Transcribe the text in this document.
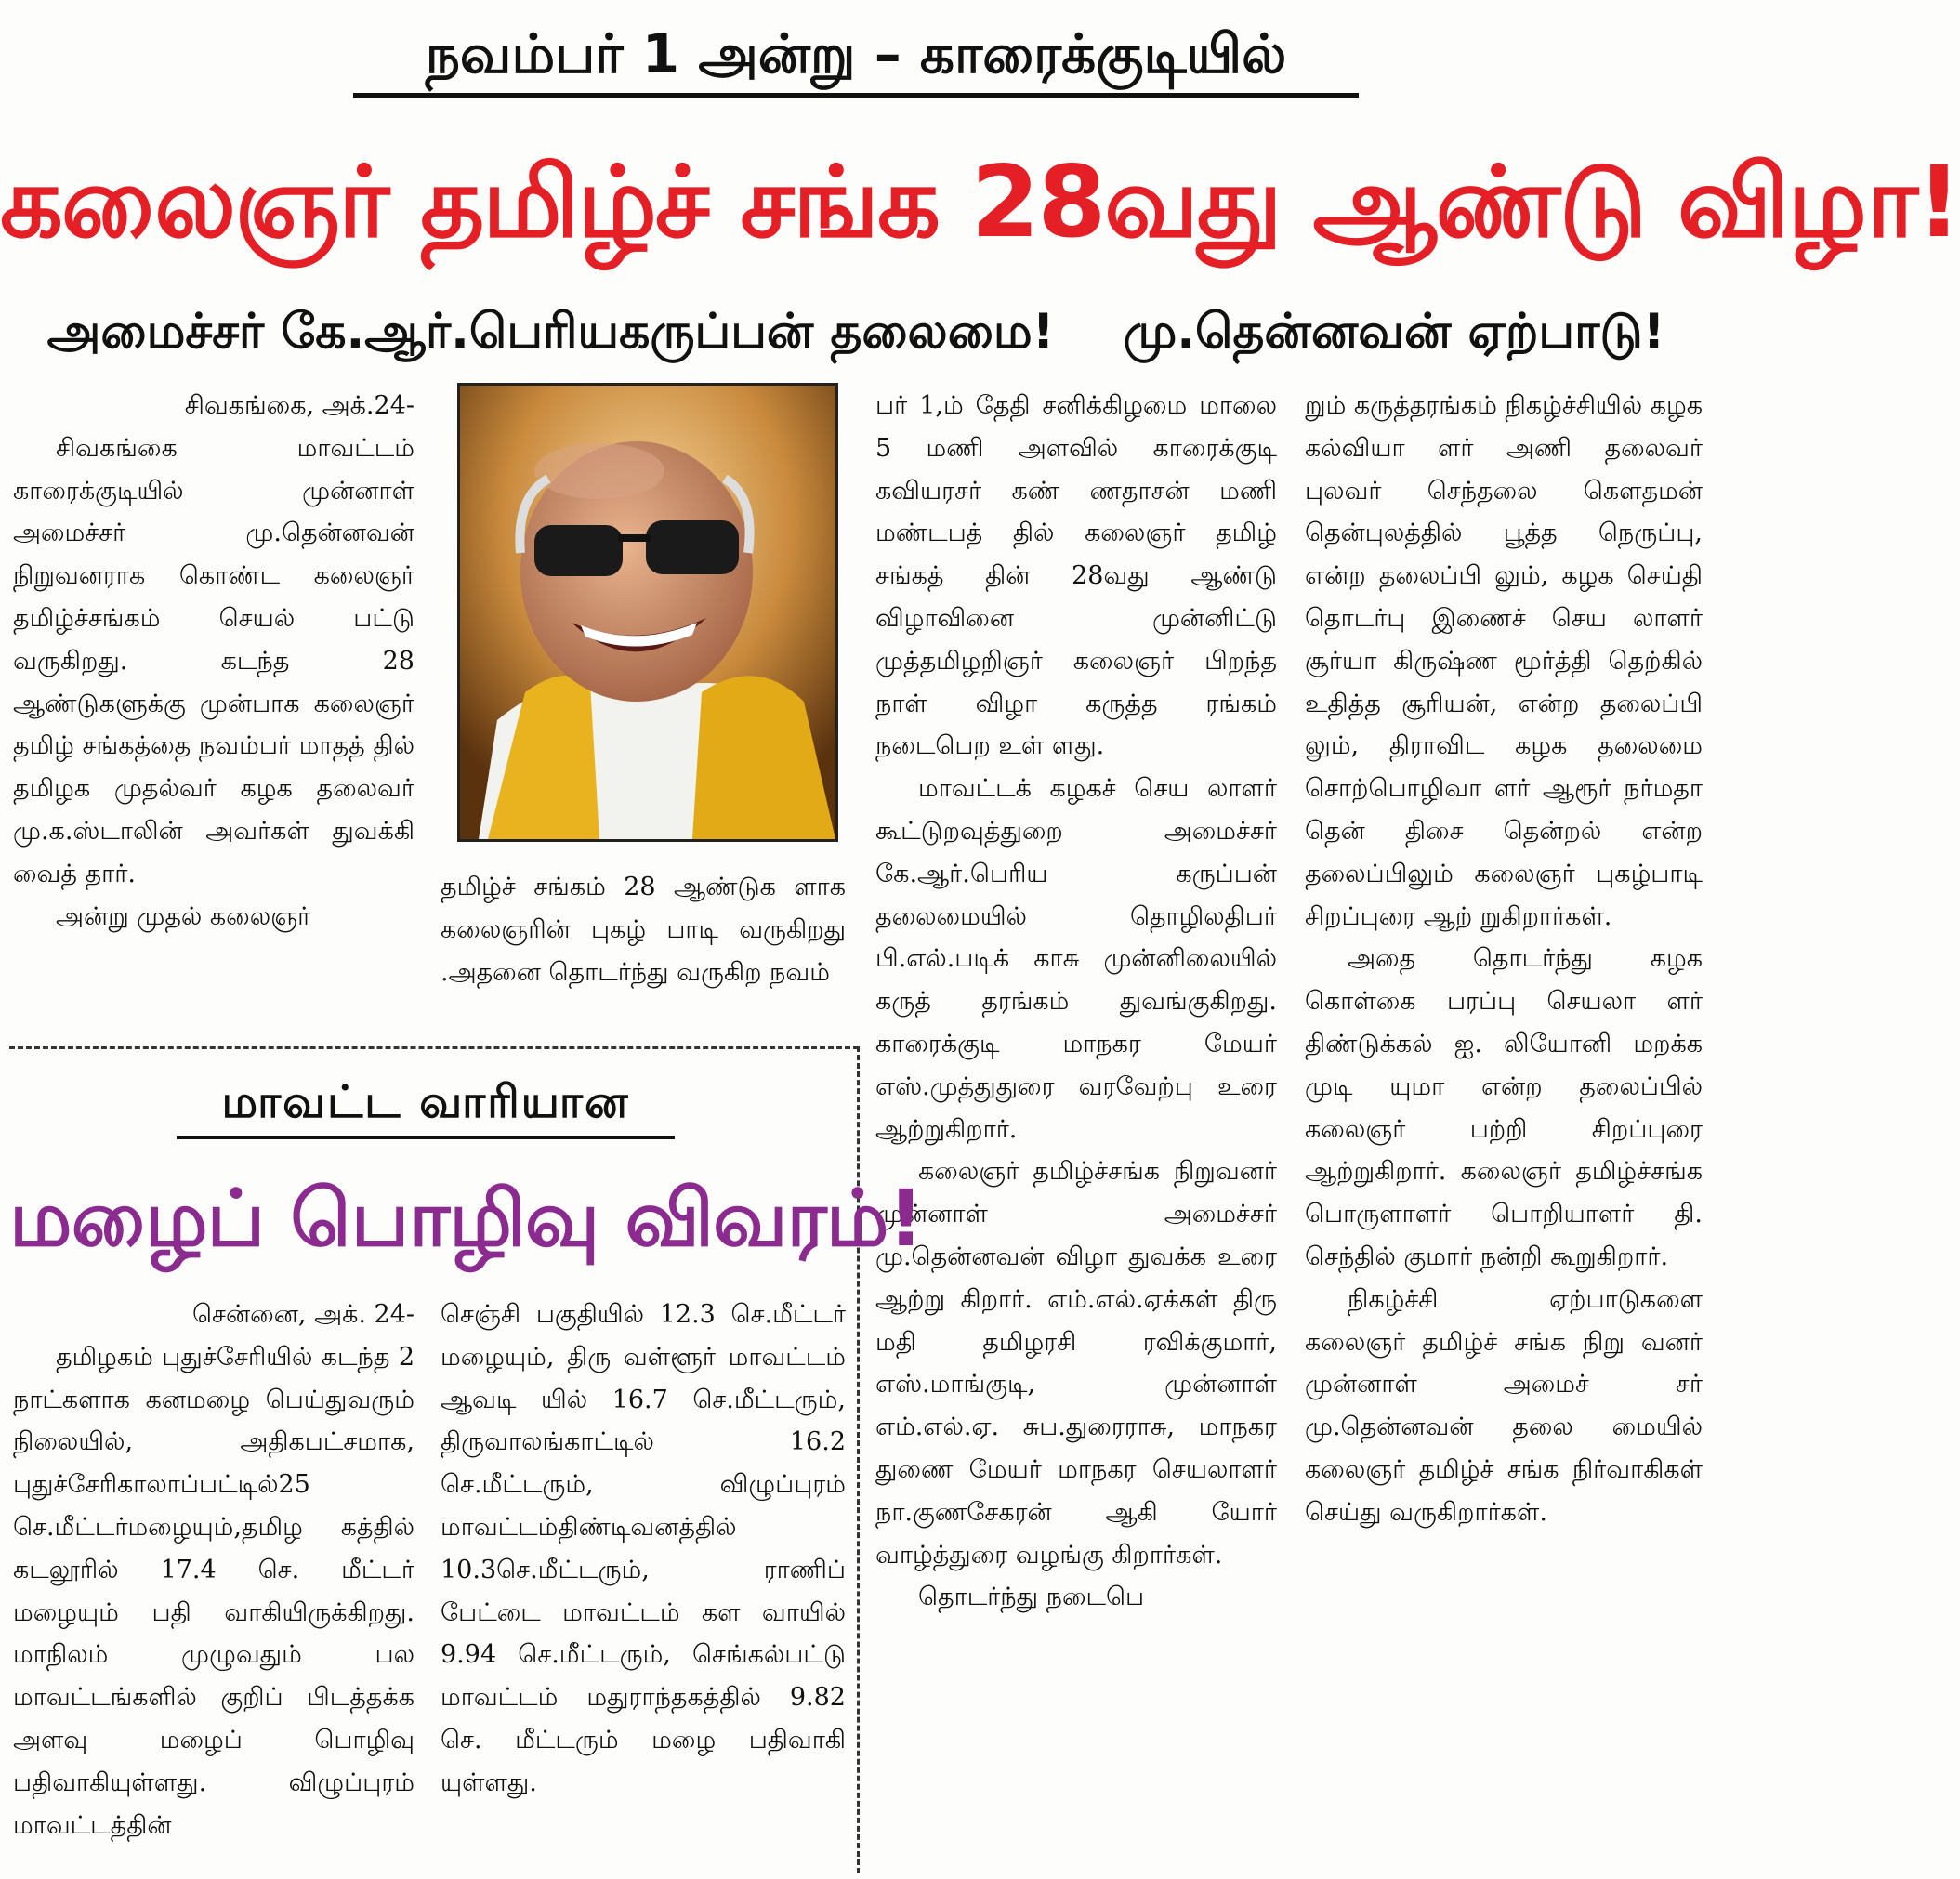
நவம்பர் 1 அன்று – காரைக்குடியில்
கலைஞர் தமிழ்ச் சங்க 28வது ஆண்டு விழா!
அமைச்சர் கே.ஆர்.பெரியகருப்பன் தலைமை! மு.தென்னவன் ஏற்பாடு!

சிவகங்கை, அக்.24-

சிவகங்கை மாவட்டம் காரைக்குடியில் முன்னாள் அமைச்சர் மு.தென்னவன் நிறுவனராக கொண்ட கலைஞர் தமிழ்ச்சங்கம் செயல் பட்டு வருகிறது. கடந்த 28 ஆண்டுகளுக்கு முன்பாக கலைஞர் தமிழ் சங்கத்தை நவம்பர் மாதத் தில் தமிழக முதல்வர் கழக தலைவர் மு.க.ஸ்டாலின் அவர்கள் துவக்கி வைத் தார்.

அன்று முதல் கலைஞர்

தமிழ்ச் சங்கம் 28 ஆண்டுக ளாக கலைஞரின் புகழ் பாடி வருகிறது .அதனை தொடர்ந்து வருகிற நவம்

பர் 1,ம் தேதி சனிக்கிழமை மாலை 5 மணி அளவில் காரைக்குடி கவியரசர் கண் ணதாசன் மணி மண்டபத் தில் கலைஞர் தமிழ் சங்கத் தின் 28வது ஆண்டு விழாவினை முன்னிட்டு முத்தமிழறிஞர் கலைஞர் பிறந்த நாள் விழா கருத்த ரங்கம் நடைபெற உள் ளது.

மாவட்டக் கழகச் செய லாளர் கூட்டுறவுத்துறை அமைச்சர் கே.ஆர்.பெரிய கருப்பன் தலைமையில் தொழிலதிபர் பி.எல்.படிக் காசு முன்னிலையில் கருத் தரங்கம் துவங்குகிறது. காரைக்குடி மாநகர மேயர் எஸ்.முத்துதுரை வரவேற்பு உரை ஆற்றுகிறார்.

கலைஞர் தமிழ்ச்சங்க நிறுவனர் முன்னாள் அமைச்சர் மு.தென்னவன் விழா துவக்க உரை ஆற்று கிறார். எம்.எல்.ஏக்கள் திரு மதி தமிழரசி ரவிக்குமார், எஸ்.மாங்குடி, முன்னாள் எம்.எல்.ஏ. சுப.துரைராசு, மாநகர துணை மேயர் மாநகர செயலாளர் நா.குணசேகரன் ஆகி யோர் வாழ்த்துரை வழங்கு கிறார்கள்.

தொடர்ந்து நடைபெ

றும் கருத்தரங்கம் நிகழ்ச்சியில் கழக கல்வியா ளர் அணி தலைவர் புலவர் செந்தலை கௌதமன் தென்புலத்தில் பூத்த நெருப்பு, என்ற தலைப்பி லும், கழக செய்தி தொடர்பு இணைச் செய லாளர் சூர்யா கிருஷ்ண மூர்த்தி தெற்கில் உதித்த சூரியன், என்ற தலைப்பி லும், திராவிட கழக தலைமை சொற்பொழிவா ளர் ஆரூர் நர்மதா தென் திசை தென்றல் என்ற தலைப்பிலும் கலைஞர் புகழ்பாடி சிறப்புரை ஆற் றுகிறார்கள்.

அதை தொடர்ந்து கழக கொள்கை பரப்பு செயலா ளர் திண்டுக்கல் ஐ. லியோனி மறக்க முடி யுமா என்ற தலைப்பில் கலைஞர் பற்றி சிறப்புரை ஆற்றுகிறார். கலைஞர் தமிழ்ச்சங்க பொருளாளர் பொறியாளர் தி. செந்தில் குமார் நன்றி கூறுகிறார்.

நிகழ்ச்சி ஏற்பாடுகளை கலைஞர் தமிழ்ச் சங்க நிறு வனர் முன்னாள் அமைச் சர் மு.தென்னவன் தலை மையில் கலைஞர் தமிழ்ச் சங்க நிர்வாகிகள் செய்து வருகிறார்கள்.

மாவட்ட வாரியான
மழைப் பொழிவு விவரம்!

சென்னை, அக். 24-

தமிழகம் புதுச்சேரியில் கடந்த 2 நாட்களாக கனமழை பெய்துவரும் நிலையில், அதிகபட்சமாக, புதுச்சேரிகாலாப்பட்டில்25 செ.மீட்டர்மழையும்,தமிழ கத்தில் கடலூரில் 17.4 செ. மீட்டர் மழையும் பதி வாகியிருக்கிறது. மாநிலம் முழுவதும் பல மாவட்டங்களில் குறிப் பிடத்தக்க அளவு மழைப் பொழிவு பதிவாகியுள்ளது. விழுப்புரம் மாவட்டத்தின்

செஞ்சி பகுதியில் 12.3 செ.மீட்டர் மழையும், திரு வள்ளூர் மாவட்டம் ஆவடி யில் 16.7 செ.மீட்டரும், திருவாலங்காட்டில் 16.2 செ.மீட்டரும், விழுப்புரம் மாவட்டம்திண்டிவனத்தில் 10.3செ.மீட்டரும், ராணிப் பேட்டை மாவட்டம் கள வாயில் 9.94 செ.மீட்டரும், செங்கல்பட்டு மாவட்டம் மதுராந்தகத்தில் 9.82 செ. மீட்டரும் மழை பதிவாகி யுள்ளது.
